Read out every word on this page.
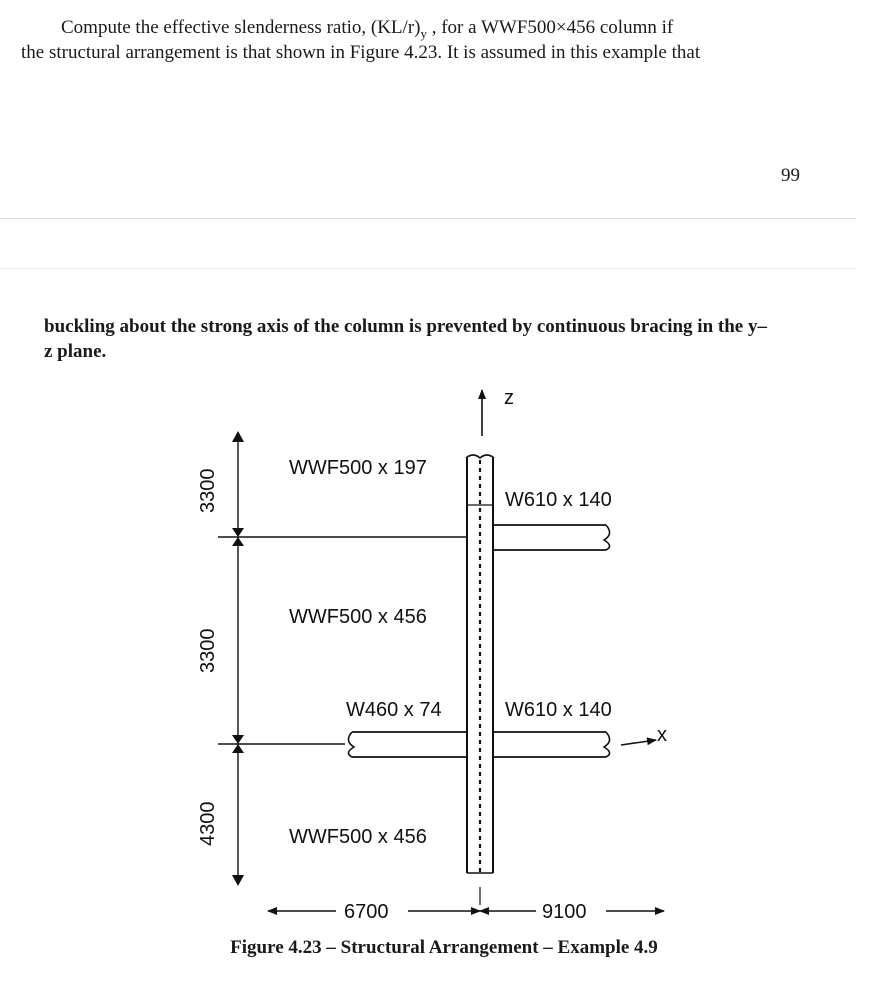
Compute the effective slenderness ratio, $(KL/r)_y$ , for a WWF500×456 column if
the structural arrangement is that shown in Figure 4.23. It is assumed in this example that
99
buckling about the strong axis of the column is prevented by continuous bracing in the y–
z plane.
z
x
3300
3300
4300
WWF500 x 197
W610 x 140
WWF500 x 456
W460 x 74	W610 x 140
WWF500 x 456
6700	9100
Figure 4.23 – Structural Arrangement – Example 4.9
